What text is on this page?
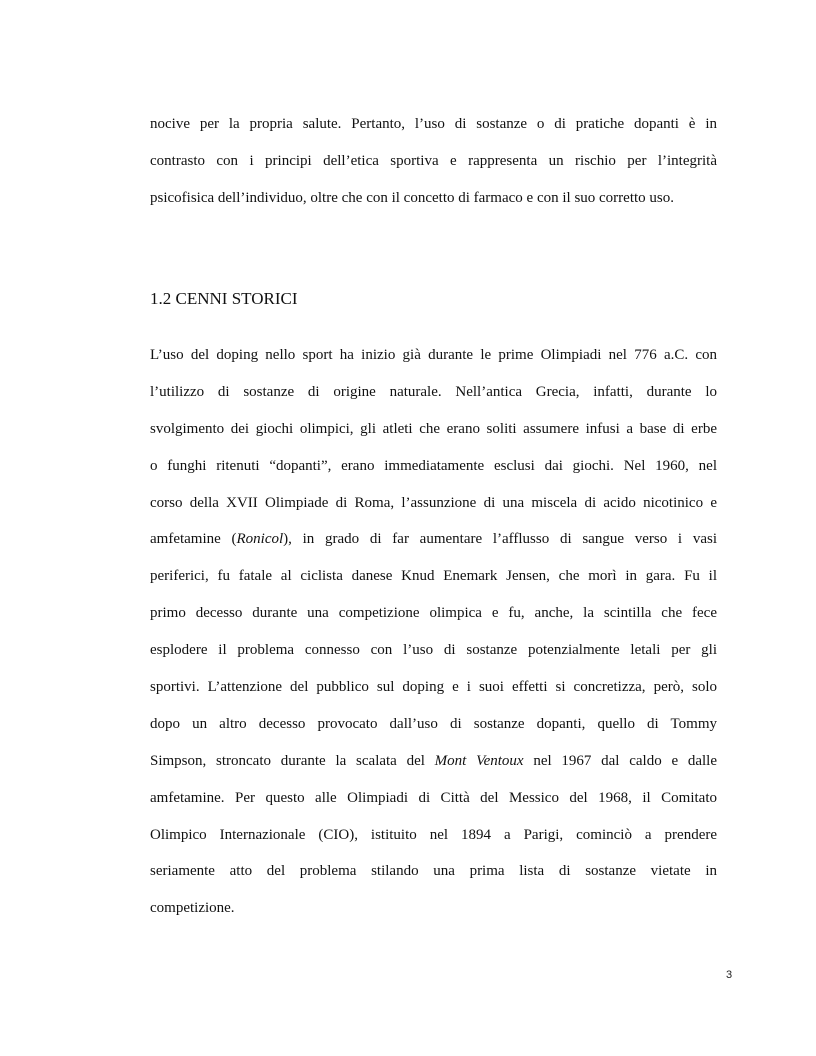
nocive per la propria salute. Pertanto, l’uso di sostanze o di pratiche dopanti è in
contrasto con i principi dell’etica sportiva e rappresenta un rischio per l’integrità
psicofisica dell’individuo, oltre che con il concetto di farmaco e con il suo corretto uso.

1.2 CENNI STORICI

L’uso del doping nello sport ha inizio già durante le prime Olimpiadi nel 776 a.C. con
l’utilizzo di sostanze di origine naturale. Nell’antica Grecia, infatti, durante lo
svolgimento dei giochi olimpici, gli atleti che erano soliti assumere infusi a base di erbe
o funghi ritenuti “dopanti”, erano immediatamente esclusi dai giochi. Nel 1960, nel
corso della XVII Olimpiade di Roma, l’assunzione di una miscela di acido nicotinico e
amfetamine (Ronicol), in grado di far aumentare l’afflusso di sangue verso i vasi
periferici, fu fatale al ciclista danese Knud Enemark Jensen, che morì in gara. Fu il
primo decesso durante una competizione olimpica e fu, anche, la scintilla che fece
esplodere il problema connesso con l’uso di sostanze potenzialmente letali per gli
sportivi. L’attenzione del pubblico sul doping e i suoi effetti si concretizza, però, solo
dopo un altro decesso provocato dall’uso di sostanze dopanti, quello di Tommy
Simpson, stroncato durante la scalata del Mont Ventoux nel 1967 dal caldo e dalle
amfetamine. Per questo alle Olimpiadi di Città del Messico del 1968, il Comitato
Olimpico Internazionale (CIO), istituito nel 1894 a Parigi, cominciò a prendere
seriamente atto del problema stilando una prima lista di sostanze vietate in
competizione.

3
